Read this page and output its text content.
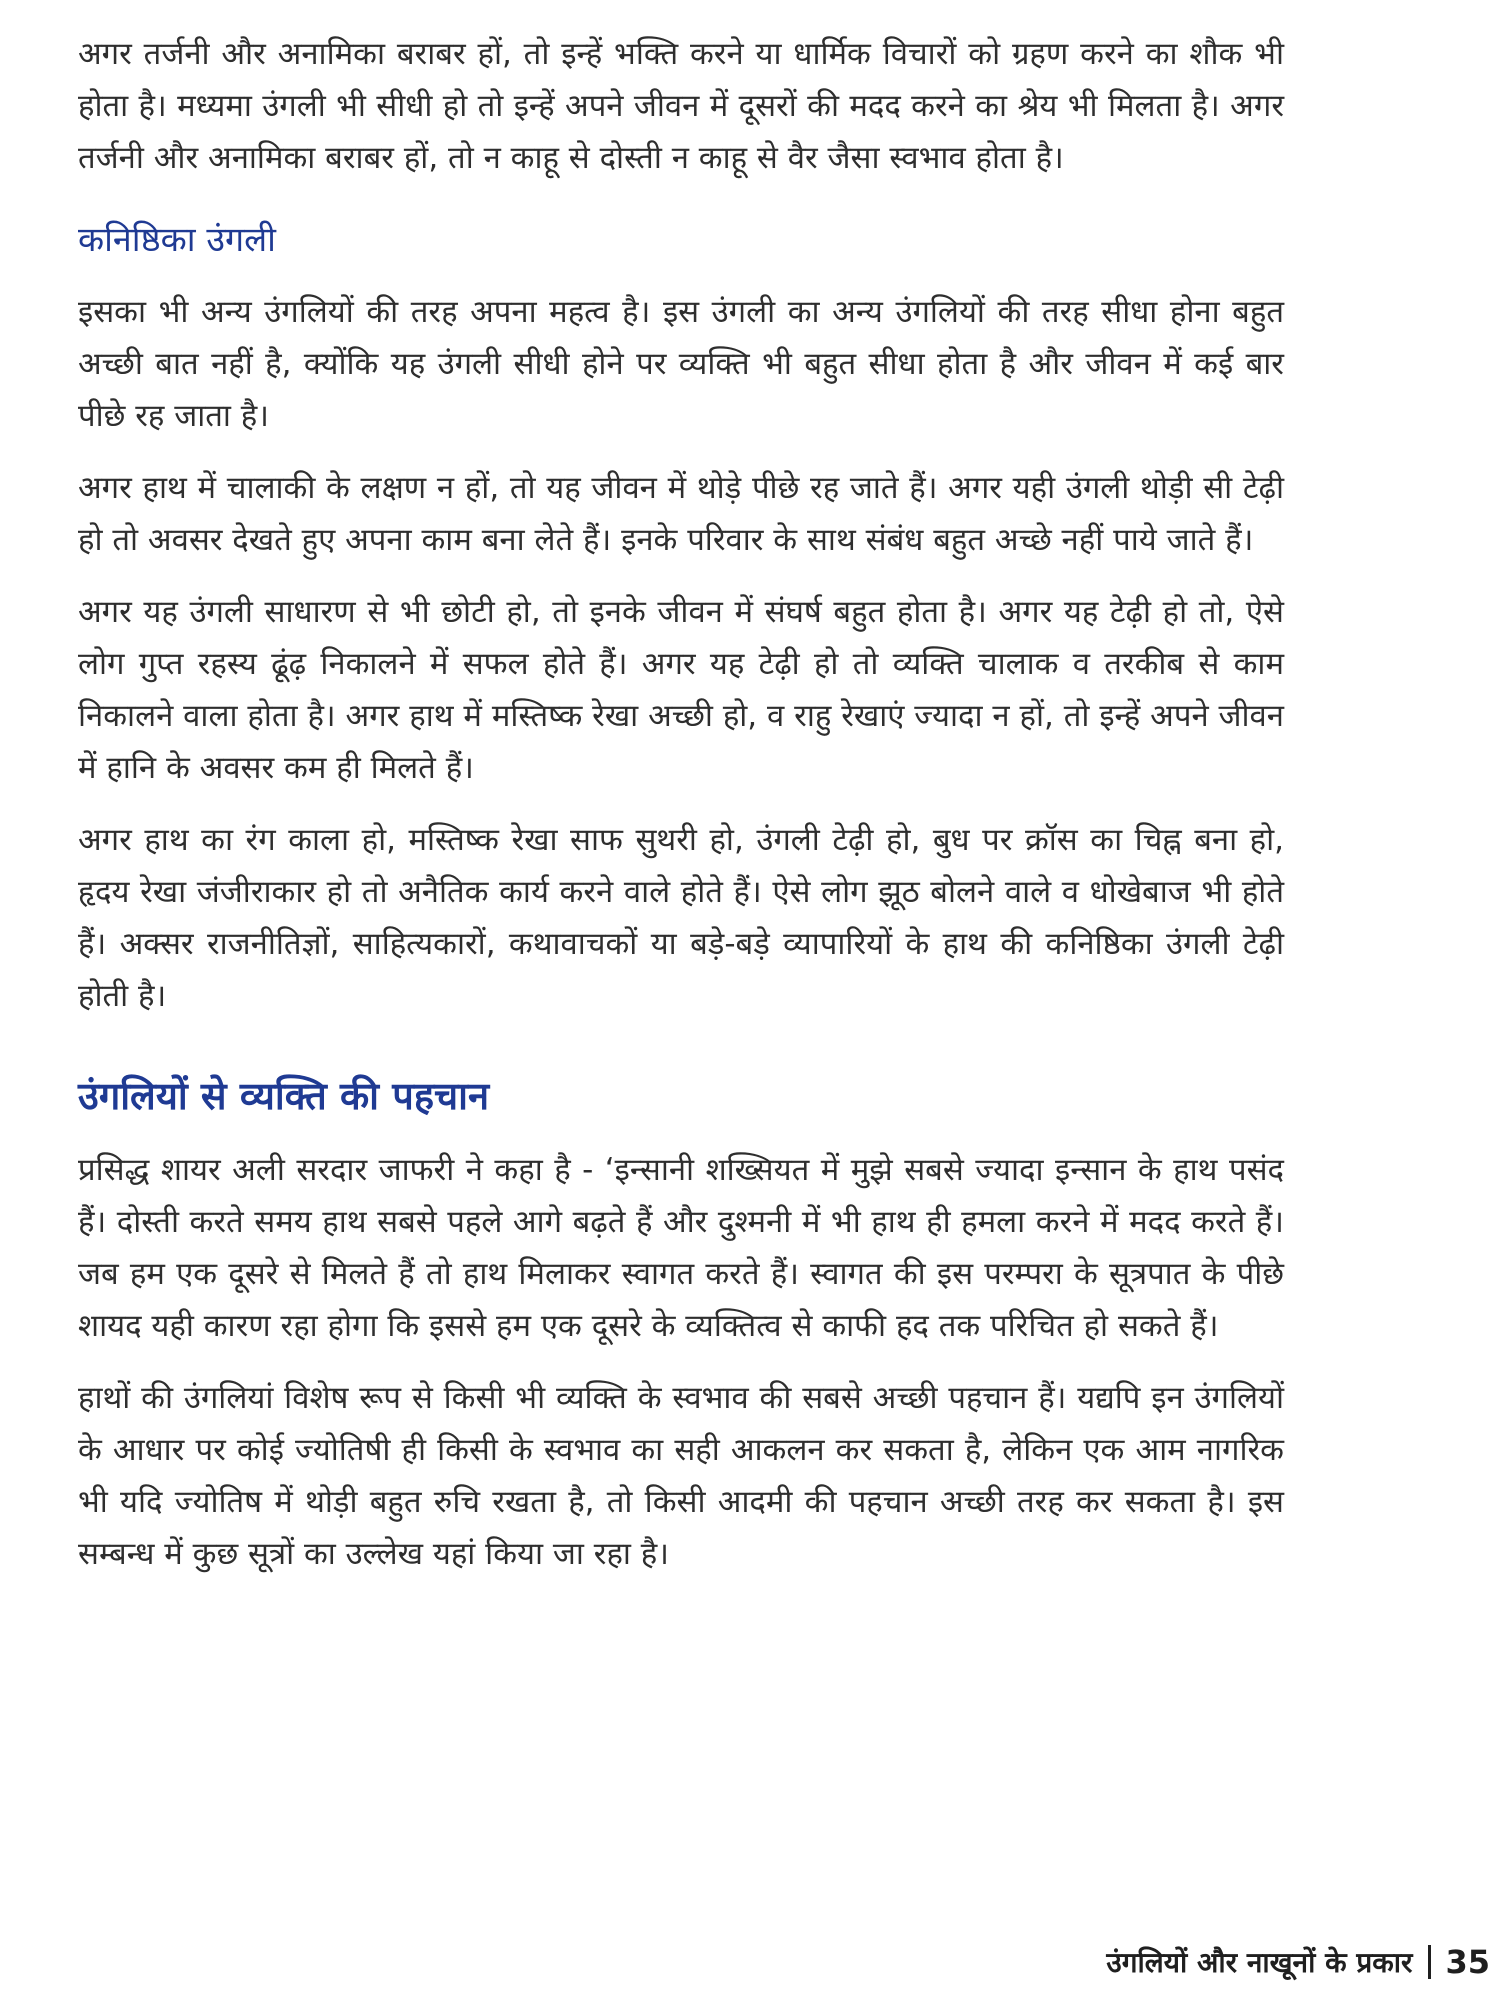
अगर तर्जनी और अनामिका बराबर हों, तो इन्हें भक्ति करने या धार्मिक विचारों को ग्रहण करने का शौक भी होता है। मध्यमा उंगली भी सीधी हो तो इन्हें अपने जीवन में दूसरों की मदद करने का श्रेय भी मिलता है। अगर तर्जनी और अनामिका बराबर हों, तो न काहू से दोस्ती न काहू से वैर जैसा स्वभाव होता है।

कनिष्ठिका उंगली

इसका भी अन्य उंगलियों की तरह अपना महत्व है। इस उंगली का अन्य उंगलियों की तरह सीधा होना बहुत अच्छी बात नहीं है, क्योंकि यह उंगली सीधी होने पर व्यक्ति भी बहुत सीधा होता है और जीवन में कई बार पीछे रह जाता है।

अगर हाथ में चालाकी के लक्षण न हों, तो यह जीवन में थोड़े पीछे रह जाते हैं। अगर यही उंगली थोड़ी सी टेढ़ी हो तो अवसर देखते हुए अपना काम बना लेते हैं। इनके परिवार के साथ संबंध बहुत अच्छे नहीं पाये जाते हैं।

अगर यह उंगली साधारण से भी छोटी हो, तो इनके जीवन में संघर्ष बहुत होता है। अगर यह टेढ़ी हो तो, ऐसे लोग गुप्त रहस्य ढूंढ़ निकालने में सफल होते हैं। अगर यह टेढ़ी हो तो व्यक्ति चालाक व तरकीब से काम निकालने वाला होता है। अगर हाथ में मस्तिष्क रेखा अच्छी हो, व राहु रेखाएं ज्यादा न हों, तो इन्हें अपने जीवन में हानि के अवसर कम ही मिलते हैं।

अगर हाथ का रंग काला हो, मस्तिष्क रेखा साफ सुथरी हो, उंगली टेढ़ी हो, बुध पर क्रॉस का चिह्न बना हो, हृदय रेखा जंजीराकार हो तो अनैतिक कार्य करने वाले होते हैं। ऐसे लोग झूठ बोलने वाले व धोखेबाज भी होते हैं। अक्सर राजनीतिज्ञों, साहित्यकारों, कथावाचकों या बड़े-बड़े व्यापारियों के हाथ की कनिष्ठिका उंगली टेढ़ी होती है।

उंगलियों से व्यक्ति की पहचान

प्रसिद्ध शायर अली सरदार जाफरी ने कहा है - ‘इन्सानी शख्सियत में मुझे सबसे ज्यादा इन्सान के हाथ पसंद हैं। दोस्ती करते समय हाथ सबसे पहले आगे बढ़ते हैं और दुश्मनी में भी हाथ ही हमला करने में मदद करते हैं। जब हम एक दूसरे से मिलते हैं तो हाथ मिलाकर स्वागत करते हैं। स्वागत की इस परम्परा के सूत्रपात के पीछे शायद यही कारण रहा होगा कि इससे हम एक दूसरे के व्यक्तित्व से काफी हद तक परिचित हो सकते हैं।

हाथों की उंगलियां विशेष रूप से किसी भी व्यक्ति के स्वभाव की सबसे अच्छी पहचान हैं। यद्यपि इन उंगलियों के आधार पर कोई ज्योतिषी ही किसी के स्वभाव का सही आकलन कर सकता है, लेकिन एक आम नागरिक भी यदि ज्योतिष में थोड़ी बहुत रुचि रखता है, तो किसी आदमी की पहचान अच्छी तरह कर सकता है। इस सम्बन्ध में कुछ सूत्रों का उल्लेख यहां किया जा रहा है।

उंगलियों और नाखूनों के प्रकार 35
